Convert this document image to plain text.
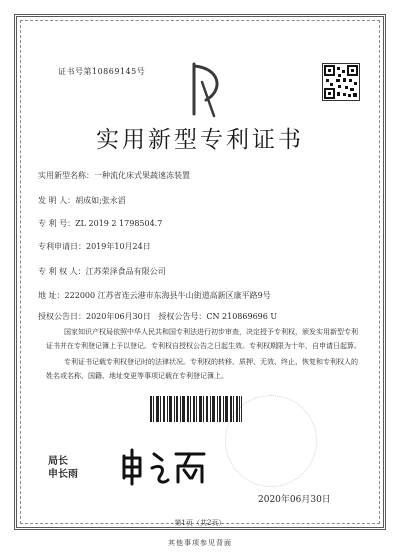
证书号第10869145号
实用新型专利证书
实用新型名称：一种流化床式果蔬速冻装置
发 明 人：胡成如;张永滔
专 利 号：ZL 2019 2 1798504.7
专利申请日：2019年10月24日
专 利 权 人：江苏荣泽食品有限公司
地 址：222000 江苏省连云港市东海县牛山街道高新区康平路9号
授权公告日：2020年06月30日 授权公告号：CN 210869696 U

国家知识产权局依照中华人民共和国专利法进行初步审查，决定授予专利权，颁发实用新型专利证书并在专利登记簿上予以登记。专利权自授权公告之日起生效。专利权期限为十年，自申请日起算。

专利证书记载专利权登记时的法律状况。专利权的转移、质押、无效、终止、恢复和专利权人的姓名或名称、国籍、地址变更等事项记载在专利登记簿上。

局长
申长雨
2020年06月30日
第1页（共2页）
其他事项参见背面
